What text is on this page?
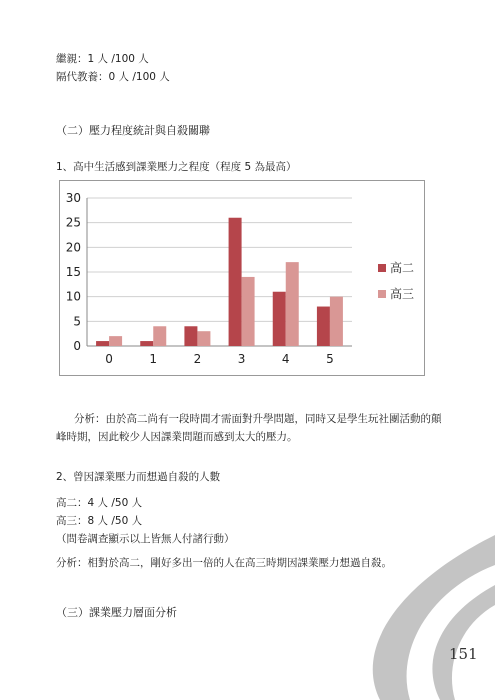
繼親：1 人 /100 人
隔代教養：0 人 /100 人
（二）壓力程度統計與自殺關聯
1、高中生活感到課業壓力之程度（程度 5 為最高）
0
5
10
15
20
25
30
0	1	2	3	4	5
高二
高三
分析：由於高二尚有一段時間才需面對升學問題，同時又是學生玩社團活動的顛峰時期，因此較少人因課業問題而感到太大的壓力。
2、曾因課業壓力而想過自殺的人數
高二：4 人 /50 人
高三：8 人 /50 人
（問卷調查顯示以上皆無人付諸行動）
分析：相對於高二，剛好多出一倍的人在高三時期因課業壓力想過自殺。
（三）課業壓力層面分析
151
